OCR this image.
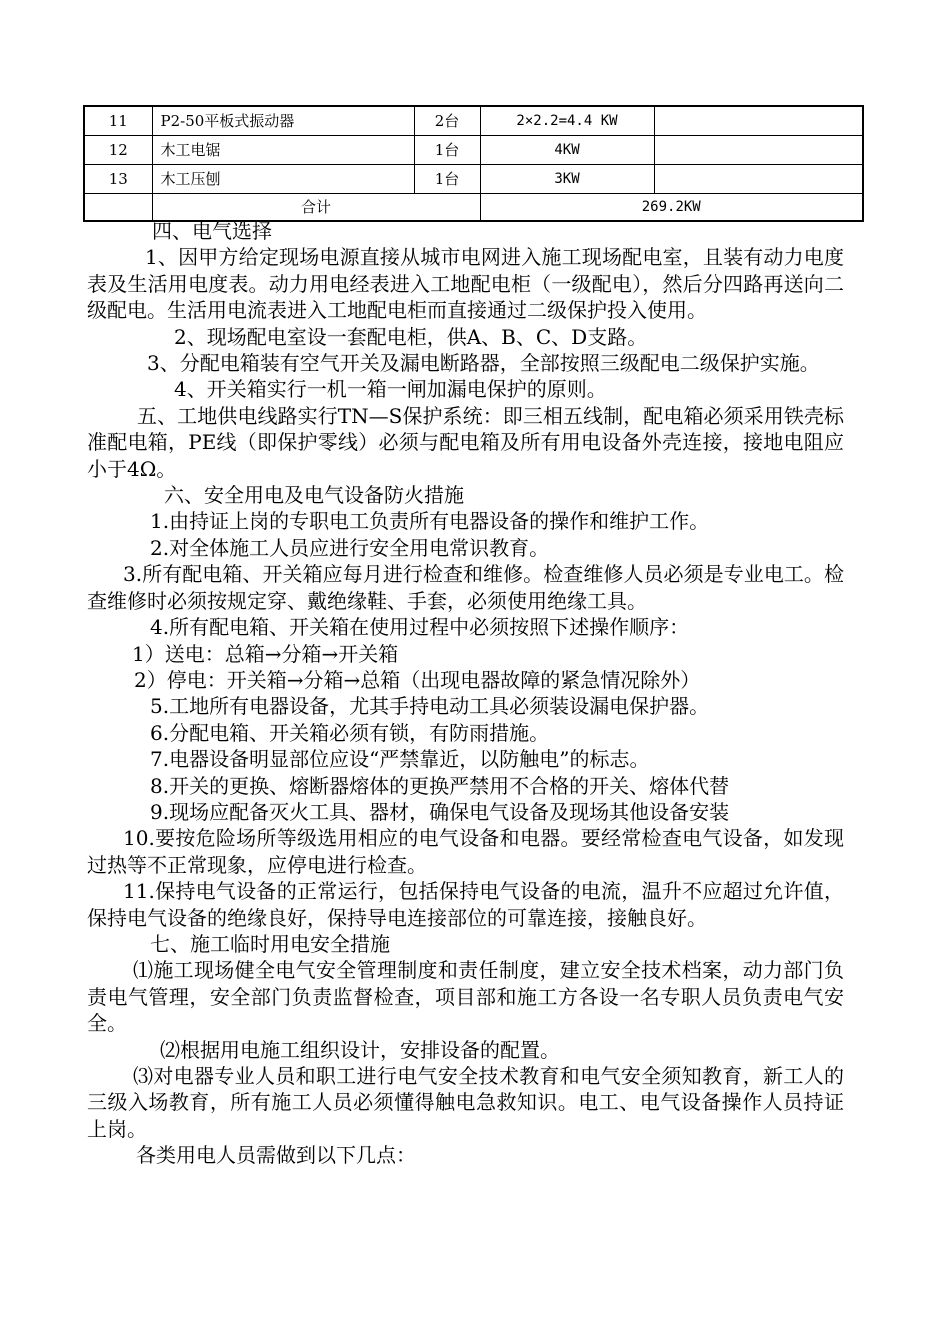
11	P2-50平板式振动器	2台	2×2.2=4.4 KW	
12	木工电锯	1台	4KW	
13	木工压刨	1台	3KW	
	合计		269.2KW	

四、电气选择

1、因甲方给定现场电源直接从城市电网进入施工现场配电室，且装有动力电度表及生活用电度表。动力用电经表进入工地配电柜（一级配电），然后分四路再送向二级配电。生活用电流表进入工地配电柜而直接通过二级保护投入使用。

2、现场配电室设一套配电柜，供A、B、C、D支路。

3、分配电箱装有空气开关及漏电断路器，全部按照三级配电二级保护实施。

4、开关箱实行一机一箱一闸加漏电保护的原则。

五、工地供电线路实行TN—S保护系统：即三相五线制，配电箱必须采用铁壳标准配电箱，PE线（即保护零线）必须与配电箱及所有用电设备外壳连接，接地电阻应小于4Ω。

六、安全用电及电气设备防火措施

1.由持证上岗的专职电工负责所有电器设备的操作和维护工作。

2.对全体施工人员应进行安全用电常识教育。

3.所有配电箱、开关箱应每月进行检查和维修。检查维修人员必须是专业电工。检查维修时必须按规定穿、戴绝缘鞋、手套，必须使用绝缘工具。

4.所有配电箱、开关箱在使用过程中必须按照下述操作顺序：

1）送电：总箱→分箱→开关箱

2）停电：开关箱→分箱→总箱（出现电器故障的紧急情况除外）

5.工地所有电器设备，尤其手持电动工具必须装设漏电保护器。

6.分配电箱、开关箱必须有锁，有防雨措施。

7.电器设备明显部位应设“严禁靠近，以防触电”的标志。

8.开关的更换、熔断器熔体的更换严禁用不合格的开关、熔体代替

9.现场应配备灭火工具、器材，确保电气设备及现场其他设备安装

10.要按危险场所等级选用相应的电气设备和电器。要经常检查电气设备，如发现过热等不正常现象，应停电进行检查。

11.保持电气设备的正常运行，包括保持电气设备的电流，温升不应超过允许值，保持电气设备的绝缘良好，保持导电连接部位的可靠连接，接触良好。

七、施工临时用电安全措施

⑴施工现场健全电气安全管理制度和责任制度，建立安全技术档案，动力部门负责电气管理，安全部门负责监督检查，项目部和施工方各设一名专职人员负责电气安全。

⑵根据用电施工组织设计，安排设备的配置。

⑶对电器专业人员和职工进行电气安全技术教育和电气安全须知教育，新工人的三级入场教育，所有施工人员必须懂得触电急救知识。电工、电气设备操作人员持证上岗。

各类用电人员需做到以下几点：
